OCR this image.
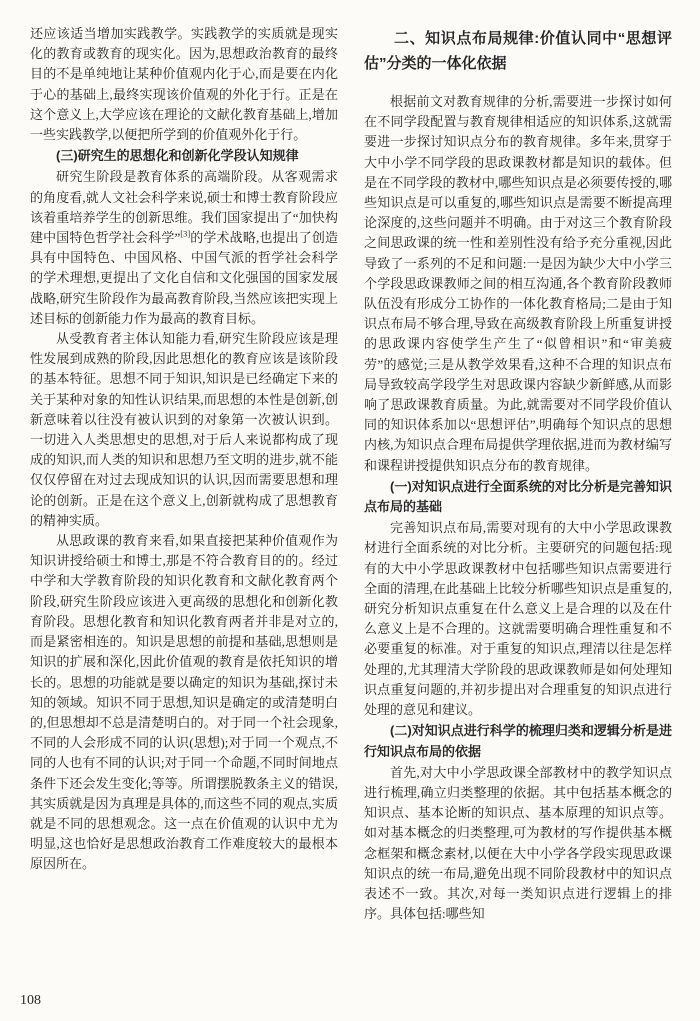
还应该适当增加实践教学。实践教学的实质就是现实化的教育或教育的现实化。因为,思想政治教育的最终目的不是单纯地让某种价值观内化于心,而是要在内化于心的基础上,最终实现该价值观的外化于行。正是在这个意义上,大学应该在理论的文献化教育基础上,增加一些实践教学,以便把所学到的价值观外化于行。

(三)研究生的思想化和创新化学段认知规律

研究生阶段是教育体系的高端阶段。从客观需求的角度看,就人文社会科学来说,硕士和博士教育阶段应该着重培养学生的创新思维。我们国家提出了“加快构建中国特色哲学社会科学”[3]的学术战略,也提出了创造具有中国特色、中国风格、中国气派的哲学社会科学的学术理想,更提出了文化自信和文化强国的国家发展战略,研究生阶段作为最高教育阶段,当然应该把实现上述目标的创新能力作为最高的教育目标。

从受教育者主体认知能力看,研究生阶段应该是理性发展到成熟的阶段,因此思想化的教育应该是该阶段的基本特征。思想不同于知识,知识是已经确定下来的关于某种对象的知性认识结果,而思想的本性是创新,创新意味着以往没有被认识到的对象第一次被认识到。一切进入人类思想史的思想,对于后人来说都构成了现成的知识,而人类的知识和思想乃至文明的进步,就不能仅仅停留在对过去现成知识的认识,因而需要思想和理论的创新。正是在这个意义上,创新就构成了思想教育的精神实质。

从思政课的教育来看,如果直接把某种价值观作为知识讲授给硕士和博士,那是不符合教育目的的。经过中学和大学教育阶段的知识化教育和文献化教育两个阶段,研究生阶段应该进入更高级的思想化和创新化教育阶段。思想化教育和知识化教育两者并非是对立的,而是紧密相连的。知识是思想的前提和基础,思想则是知识的扩展和深化,因此价值观的教育是依托知识的增长的。思想的功能就是要以确定的知识为基础,探讨未知的领域。知识不同于思想,知识是确定的或清楚明白的,但思想却不总是清楚明白的。对于同一个社会现象,不同的人会形成不同的认识(思想);对于同一个观点,不同的人也有不同的认识;对于同一个命题,不同时间地点条件下还会发生变化;等等。所谓摆脱教条主义的错误,其实质就是因为真理是具体的,而这些不同的观点,实质就是不同的思想观念。这一点在价值观的认识中尤为明显,这也恰好是思想政治教育工作难度较大的最根本原因所在。

二、知识点布局规律:价值认同中“思想评估”分类的一体化依据

根据前文对教育规律的分析,需要进一步探讨如何在不同学段配置与教育规律相适应的知识体系,这就需要进一步探讨知识点分布的教育规律。多年来,贯穿于大中小学不同学段的思政课教材都是知识的载体。但是在不同学段的教材中,哪些知识点是必须要传授的,哪些知识点是可以重复的,哪些知识点是需要不断提高理论深度的,这些问题并不明确。由于对这三个教育阶段之间思政课的统一性和差别性没有给予充分重视,因此导致了一系列的不足和问题:一是因为缺少大中小学三个学段思政课教师之间的相互沟通,各个教育阶段教师队伍没有形成分工协作的一体化教育格局;二是由于知识点布局不够合理,导致在高级教育阶段上所重复讲授的思政课内容使学生产生了“似曾相识”和“审美疲劳”的感觉;三是从教学效果看,这种不合理的知识点布局导致较高学段学生对思政课内容缺少新鲜感,从而影响了思政课教育质量。为此,就需要对不同学段价值认同的知识体系加以“思想评估”,明确每个知识点的思想内核,为知识点合理布局提供学理依据,进而为教材编写和课程讲授提供知识点分布的教育规律。

(一)对知识点进行全面系统的对比分析是完善知识点布局的基础

完善知识点布局,需要对现有的大中小学思政课教材进行全面系统的对比分析。主要研究的问题包括:现有的大中小学思政课教材中包括哪些知识点需要进行全面的清理,在此基础上比较分析哪些知识点是重复的,研究分析知识点重复在什么意义上是合理的以及在什么意义上是不合理的。这就需要明确合理性重复和不必要重复的标准。对于重复的知识点,理清以往是怎样处理的,尤其理清大学阶段的思政课教师是如何处理知识点重复问题的,并初步提出对合理重复的知识点进行处理的意见和建议。

(二)对知识点进行科学的梳理归类和逻辑分析是进行知识点布局的依据

首先,对大中小学思政课全部教材中的教学知识点进行梳理,确立归类整理的依据。其中包括基本概念的知识点、基本论断的知识点、基本原理的知识点等。如对基本概念的归类整理,可为教材的写作提供基本概念框架和概念素材,以便在大中小学各学段实现思政课知识点的统一布局,避免出现不同阶段教材中的知识点表述不一致。其次,对每一类知识点进行逻辑上的排序。具体包括:哪些知

108
